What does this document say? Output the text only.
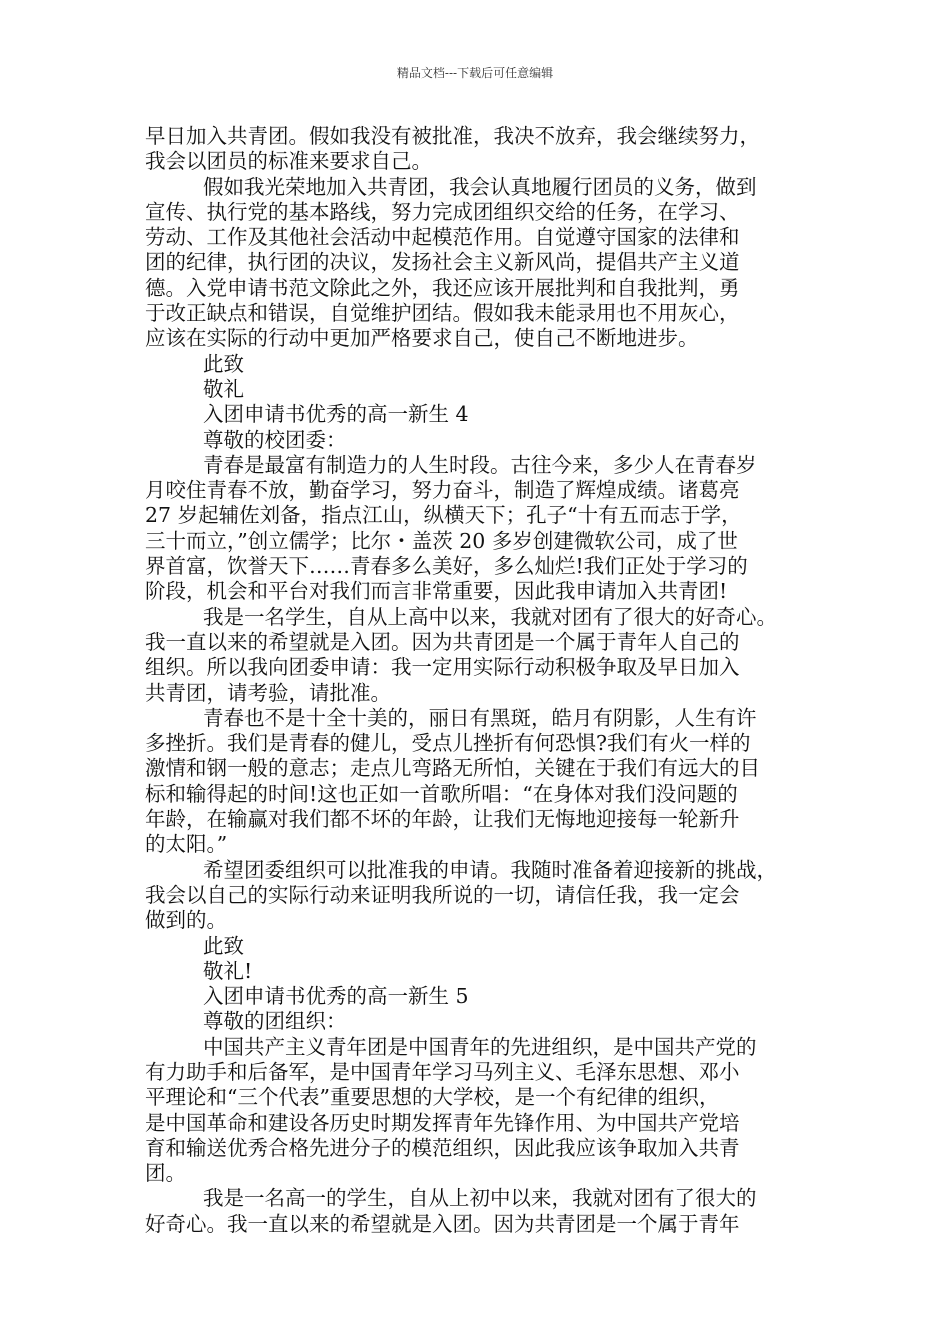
精品文档---下载后可任意编辑
早日加入共青团。假如我没有被批准，我决不放弃，我会继续努力，
我会以团员的标准来要求自己。
假如我光荣地加入共青团，我会认真地履行团员的义务，做到
宣传、执行党的基本路线，努力完成团组织交给的任务，在学习、
劳动、工作及其他社会活动中起模范作用。自觉遵守国家的法律和
团的纪律，执行团的决议，发扬社会主义新风尚，提倡共产主义道
德。入党申请书范文除此之外，我还应该开展批判和自我批判，勇
于改正缺点和错误，自觉维护团结。假如我未能录用也不用灰心，
应该在实际的行动中更加严格要求自己，使自己不断地进步。
此致
敬礼
入团申请书优秀的高一新生 4
尊敬的校团委：
青春是最富有制造力的人生时段。古往今来，多少人在青春岁
月咬住青春不放，勤奋学习，努力奋斗，制造了辉煌成绩。诸葛亮
27 岁起辅佐刘备，指点江山，纵横天下；孔子“十有五而志于学，
三十而立，”创立儒学；比尔・盖茨 20 多岁创建微软公司，成了世
界首富，饮誉天下……青春多么美好，多么灿烂!我们正处于学习的
阶段，机会和平台对我们而言非常重要，因此我申请加入共青团!
我是一名学生，自从上高中以来，我就对团有了很大的好奇心。
我一直以来的希望就是入团。因为共青团是一个属于青年人自己的
组织。所以我向团委申请：我一定用实际行动积极争取及早日加入
共青团，请考验，请批准。
青春也不是十全十美的，丽日有黑斑，皓月有阴影，人生有许
多挫折。我们是青春的健儿，受点儿挫折有何恐惧?我们有火一样的
激情和钢一般的意志；走点儿弯路无所怕，关键在于我们有远大的目
标和输得起的时间!这也正如一首歌所唱：“在身体对我们没问题的
年龄，在输赢对我们都不坏的年龄，让我们无悔地迎接每一轮新升
的太阳。”
希望团委组织可以批准我的申请。我随时准备着迎接新的挑战，
我会以自己的实际行动来证明我所说的一切，请信任我，我一定会
做到的。
此致
敬礼!
入团申请书优秀的高一新生 5
尊敬的团组织：
中国共产主义青年团是中国青年的先进组织，是中国共产党的
有力助手和后备军，是中国青年学习马列主义、毛泽东思想、邓小
平理论和“三个代表”重要思想的大学校，是一个有纪律的组织，
是中国革命和建设各历史时期发挥青年先锋作用、为中国共产党培
育和输送优秀合格先进分子的模范组织，因此我应该争取加入共青
团。
我是一名高一的学生，自从上初中以来，我就对团有了很大的
好奇心。我一直以来的希望就是入团。因为共青团是一个属于青年
